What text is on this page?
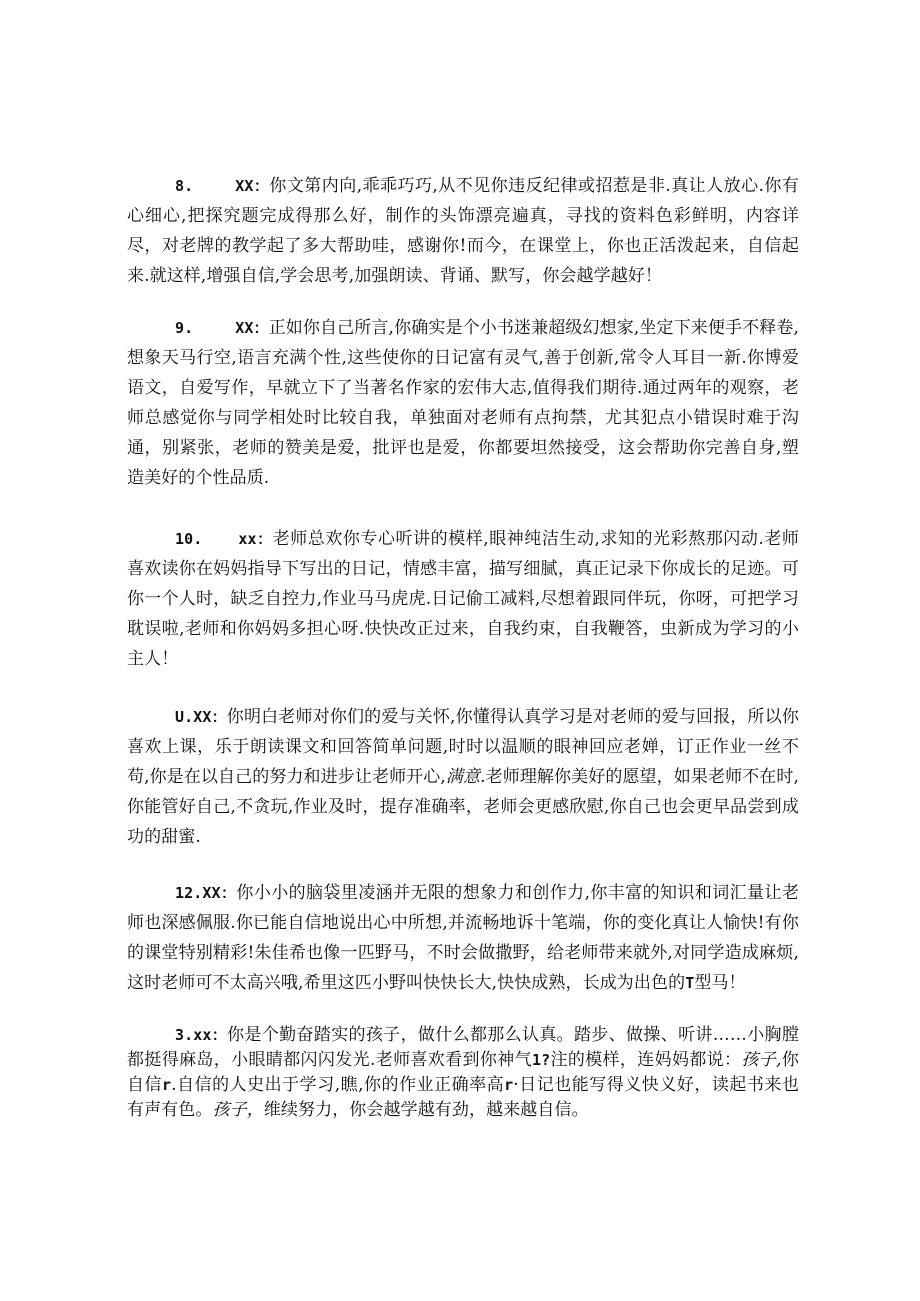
8.	XX：你文第内向,乖乖巧巧,从不见你违反纪律或招惹是非.真让人放心.你有心细心,把探究题完成得那么好，制作的头饰漂亮遍真，寻找的资料色彩鲜明，内容详尽，对老牌的教学起了多大帮助哇，感谢你!而今，在课堂上，你也正活泼起来，自信起来.就这样,增强自信,学会思考,加强朗读、背诵、默写，你会越学越好！

9.	XX：正如你自己所言,你确实是个小书迷兼超级幻想家,坐定下来便手不释卷,想象天马行空,语言充满个性,这些使你的日记富有灵气,善于创新,常令人耳目一新.你博爱语文，自爱写作，早就立下了当著名作家的宏伟大志,值得我们期待.通过两年的观察，老师总感觉你与同学相处时比较自我，单独面对老师有点拘禁，尤其犯点小错误时难于沟通，别紧张，老师的赞美是爱，批评也是爱，你都要坦然接受，这会帮助你完善自身,塑造美好的个性品质.

10. xx：老师总欢你专心听讲的模样,眼神纯洁生动,求知的光彩熬那闪动.老师喜欢读你在妈妈指导下写出的日记，情感丰富，描写细腻，真正记录下你成长的足迹。可你一个人时，缺乏自控力,作业马马虎虎.日记偷工减料,尽想着跟同伴玩，你呀，可把学习耽误啦,老师和你妈妈多担心呀.快快改正过来，自我约束，自我鞭答，虫新成为学习的小主人！

U.XX：你明白老师对你们的爱与关怀,你懂得认真学习是对老师的爱与回报，所以你喜欢上课，乐于朗读课文和回答简单问题,时时以温顺的眼神回应老婵，订正作业一丝不苟,你是在以自己的努力和进步让老师开心,满意.老师理解你美好的愿望，如果老师不在时,你能管好自己,不贪玩,作业及时，提存准确率，老师会更感欣慰,你自己也会更早品尝到成功的甜蜜.

12.XX：你小小的脑袋里凌涵并无限的想象力和创作力,你丰富的知识和词汇量让老师也深感佩服.你已能自信地说出心中所想,并流畅地诉十笔端，你的变化真让人愉快!有你的课堂特别精彩!朱佳希也像一匹野马，不时会做撒野，给老师带来就外,对同学造成麻烦,这时老师可不太高兴哦,希里这匹小野叫快快长大,快快成熟，长成为出色的T型马！

3.xx：你是个勤奋踏实的孩子，做什么都那么认真。踏步、做操、听讲……小胸膛都挺得麻岛，小眼睛都闪闪发光.老师喜欢看到你神气1?注的模样，连妈妈都说：孩子,你自信r.自信的人史出于学习,瞧,你的作业正确率高r·日记也能写得义快义好，读起书来也有声有色。孩子，维续努力，你会越学越有劲，越来越自信。
